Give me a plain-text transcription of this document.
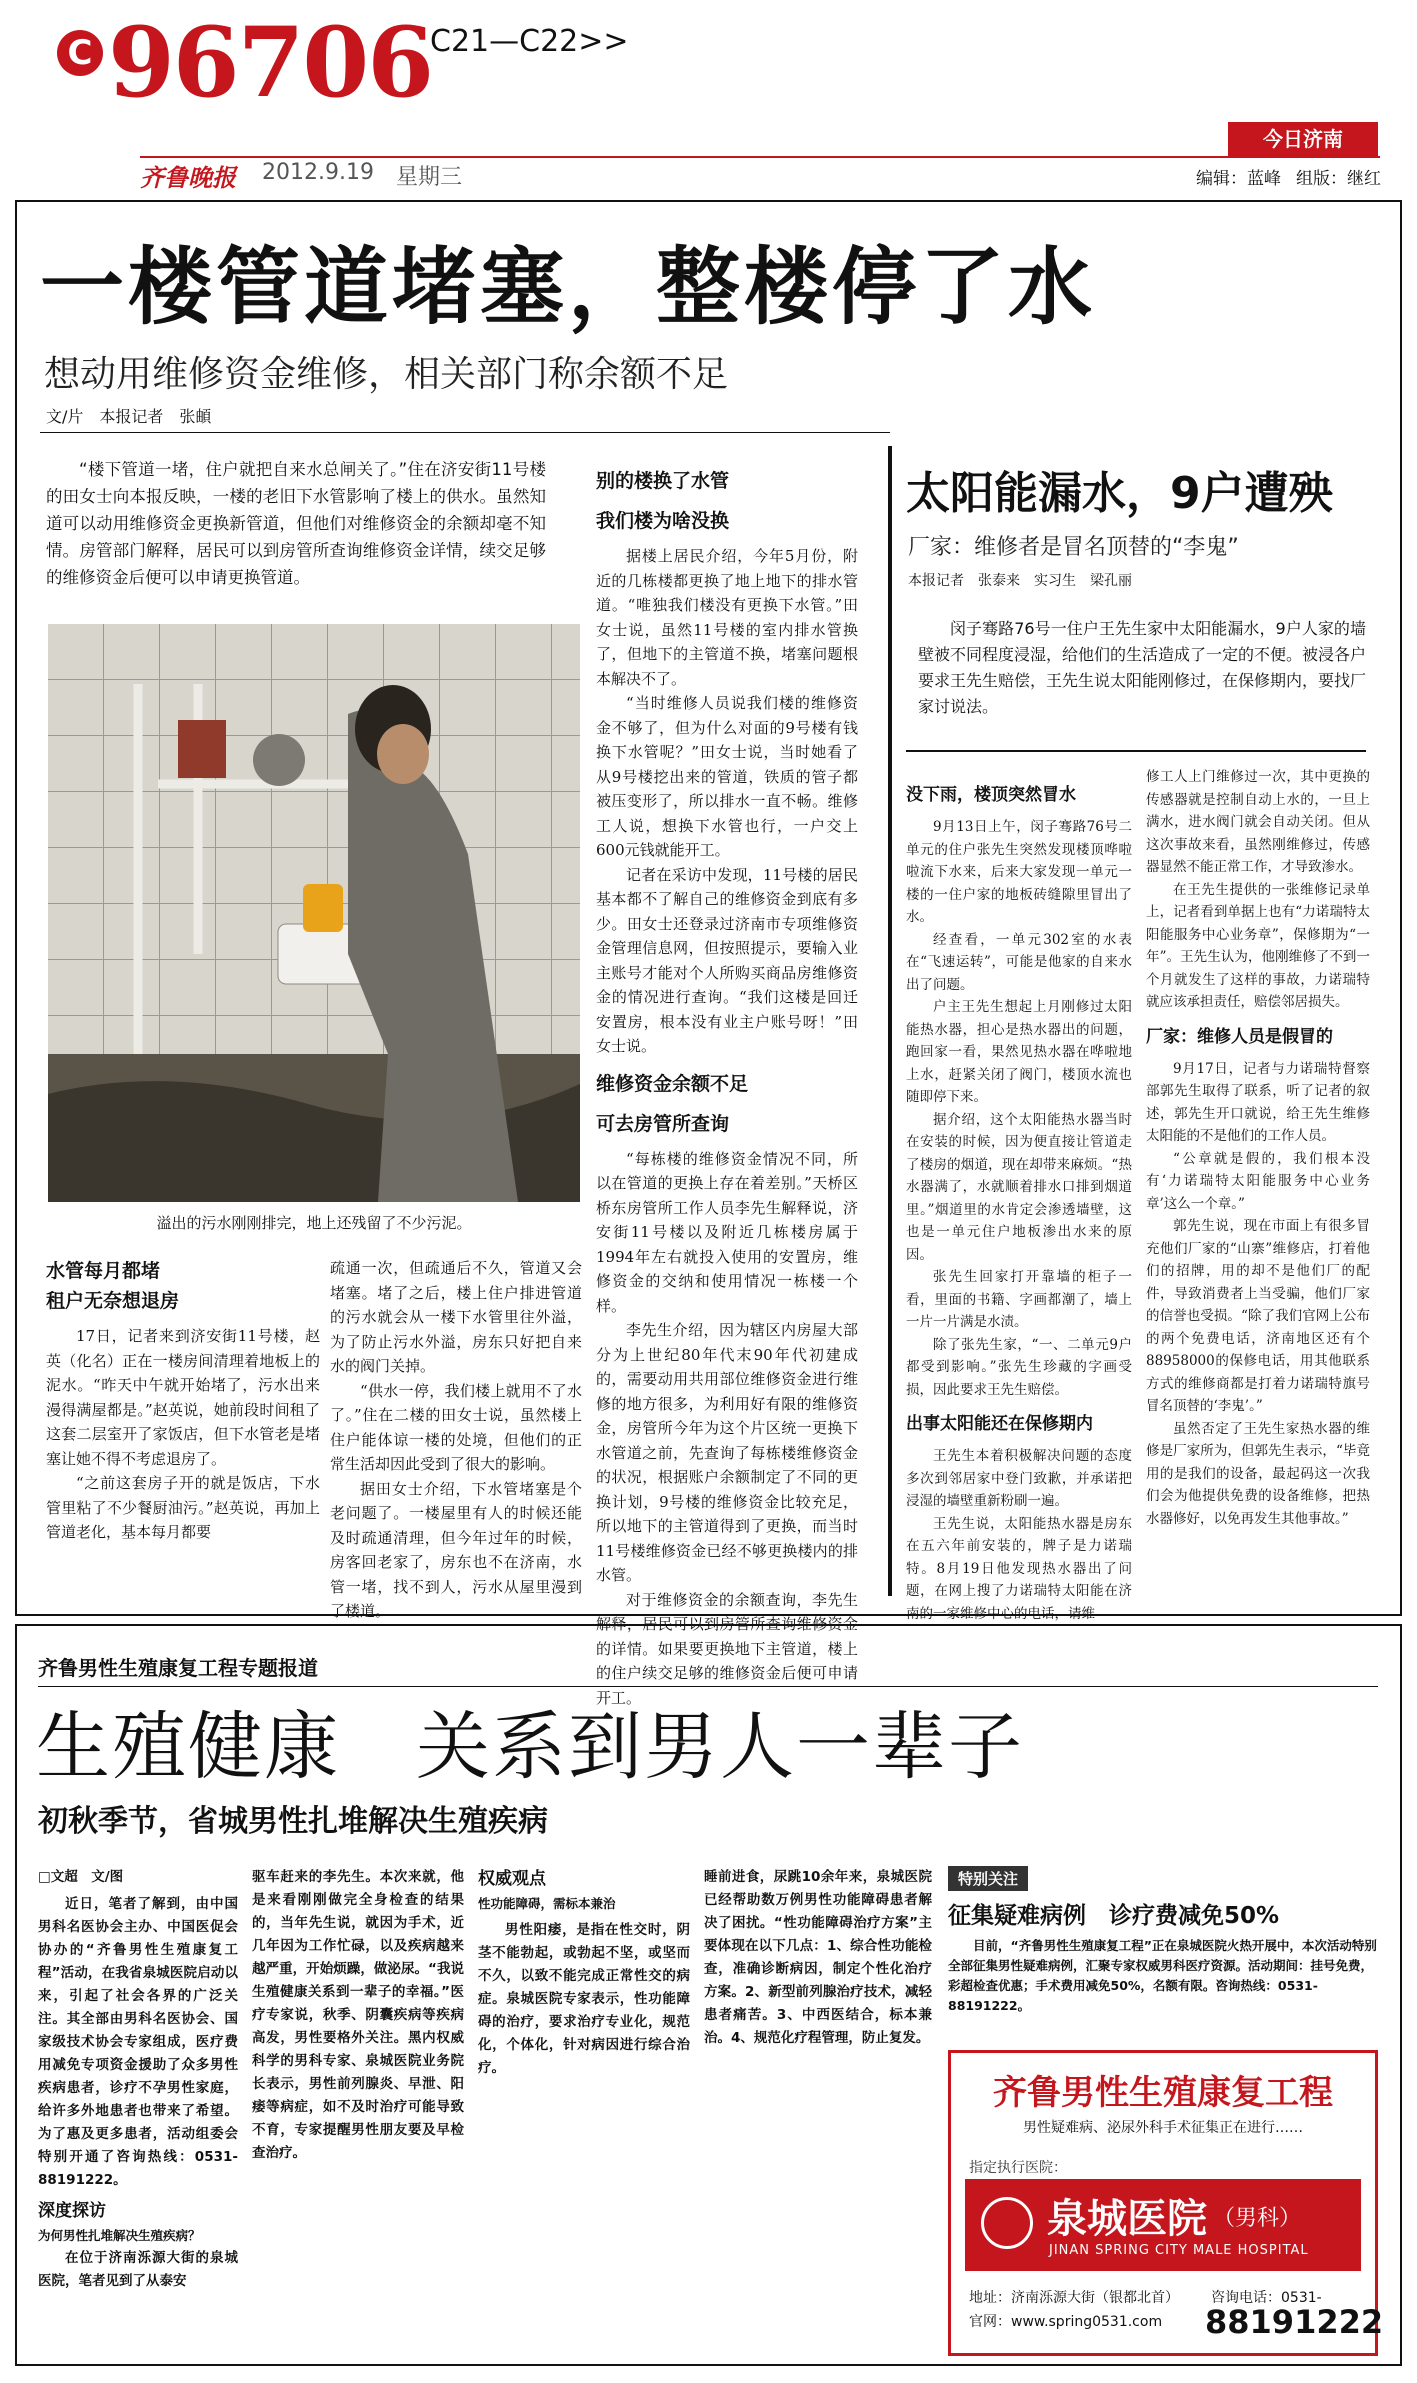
C 96706
C21—C22>>
齐鲁晚报 2012.9.19 星期三
今日济南
编辑：蓝峰 组版：继红
一楼管道堵塞，整楼停了水
想动用维修资金维修，相关部门称余额不足
文/片　本报记者　张頔

“楼下管道一堵，住户就把自来水总闸关了。”住在济安街11号楼的田女士向本报反映，一楼的老旧下水管影响了楼上的供水。虽然知道可以动用维修资金更换新管道，但他们对维修资金的余额却毫不知情。房管部门解释，居民可以到房管所查询维修资金详情，续交足够的维修资金后便可以申请更换管道。

溢出的污水刚刚排完，地上还残留了不少污泥。
水管每月都堵
租户无奈想退房

17日，记者来到济安街11号楼，赵英（化名）正在一楼房间清理着地板上的泥水。“昨天中午就开始堵了，污水出来漫得满屋都是。”赵英说，她前段时间租了这套二层室开了家饭店，但下水管老是堵塞让她不得不考虑退房了。

“之前这套房子开的就是饭店，下水管里粘了不少餐厨油污。”赵英说，再加上管道老化，基本每月都要

疏通一次，但疏通后不久，管道又会堵塞。堵了之后，楼上住户排进管道的污水就会从一楼下水管里往外溢，为了防止污水外溢，房东只好把自来水的阀门关掉。

“供水一停，我们楼上就用不了水了。”住在二楼的田女士说，虽然楼上住户能体谅一楼的处境，但他们的正常生活却因此受到了很大的影响。

据田女士介绍，下水管堵塞是个老问题了。一楼屋里有人的时候还能及时疏通清理，但今年过年的时候，房客回老家了，房东也不在济南，水管一堵，找不到人，污水从屋里漫到了楼道。

别的楼换了水管
我们楼为啥没换

据楼上居民介绍，今年5月份，附近的几栋楼都更换了地上地下的排水管道。“唯独我们楼没有更换下水管。”田女士说，虽然11号楼的室内排水管换了，但地下的主管道不换，堵塞问题根本解决不了。

“当时维修人员说我们楼的维修资金不够了，但为什么对面的9号楼有钱换下水管呢？”田女士说，当时她看了从9号楼挖出来的管道，铁质的管子都被压变形了，所以排水一直不畅。维修工人说，想换下水管也行，一户交上600元钱就能开工。

记者在采访中发现，11号楼的居民基本都不了解自己的维修资金到底有多少。田女士还登录过济南市专项维修资金管理信息网，但按照提示，要输入业主账号才能对个人所购买商品房维修资金的情况进行查询。“我们这楼是回迁安置房，根本没有业主户账号呀！”田女士说。

维修资金余额不足
可去房管所查询

“每栋楼的维修资金情况不同，所以在管道的更换上存在着差别。”天桥区桥东房管所工作人员李先生解释说，济安街11号楼以及附近几栋楼房属于1994年左右就投入使用的安置房，维修资金的交纳和使用情况一栋楼一个样。

李先生介绍，因为辖区内房屋大部分为上世纪80年代末90年代初建成的，需要动用共用部位维修资金进行维修的地方很多，为利用好有限的维修资金，房管所今年为这个片区统一更换下水管道之前，先查询了每栋楼维修资金的状况，根据账户余额制定了不同的更换计划，9号楼的维修资金比较充足，所以地下的主管道得到了更换，而当时11号楼维修资金已经不够更换楼内的排水管。

对于维修资金的余额查询，李先生解释，居民可以到房管所查询维修资金的详情。如果要更换地下主管道，楼上的住户续交足够的维修资金后便可申请开工。

太阳能漏水，9户遭殃
厂家：维修者是冒名顶替的“李鬼”
本报记者　张泰来　实习生　梁孔丽

闵子骞路76号一住户王先生家中太阳能漏水，9户人家的墙壁被不同程度浸湿，给他们的生活造成了一定的不便。被浸各户要求王先生赔偿，王先生说太阳能刚修过，在保修期内，要找厂家讨说法。

没下雨，楼顶突然冒水

9月13日上午，闵子骞路76号二单元的住户张先生突然发现楼顶哗啦啦流下水来，后来大家发现一单元一楼的一住户家的地板砖缝隙里冒出了水。

经查看，一单元302室的水表在“飞速运转”，可能是他家的自来水出了问题。

户主王先生想起上月刚修过太阳能热水器，担心是热水器出的问题，跑回家一看，果然见热水器在哗啦地上水，赶紧关闭了阀门，楼顶水流也随即停下来。

据介绍，这个太阳能热水器当时在安装的时候，因为便直接让管道走了楼房的烟道，现在却带来麻烦。“热水器满了，水就顺着排水口排到烟道里。”烟道里的水肯定会渗透墙壁，这也是一单元住户地板渗出水来的原因。

张先生回家打开靠墙的柜子一看，里面的书籍、字画都潮了，墙上一片一片满是水渍。

除了张先生家，“一、二单元9户都受到影响。”张先生珍藏的字画受损，因此要求王先生赔偿。

出事太阳能还在保修期内

王先生本着积极解决问题的态度多次到邻居家中登门致歉，并承诺把浸湿的墙壁重新粉刷一遍。

王先生说，太阳能热水器是房东在五六年前安装的，牌子是力诺瑞特。8月19日他发现热水器出了问题，在网上搜了力诺瑞特太阳能在济南的一家维修中心的电话，请维

修工人上门维修过一次，其中更换的传感器就是控制自动上水的，一旦上满水，进水阀门就会自动关闭。但从这次事故来看，虽然刚维修过，传感器显然不能正常工作，才导致渗水。

在王先生提供的一张维修记录单上，记者看到单据上也有“力诺瑞特太阳能服务中心业务章”，保修期为“一年”。王先生认为，他刚维修了不到一个月就发生了这样的事故，力诺瑞特就应该承担责任，赔偿邻居损失。

厂家：维修人员是假冒的

9月17日，记者与力诺瑞特督察部郭先生取得了联系，听了记者的叙述，郭先生开口就说，给王先生维修太阳能的不是他们的工作人员。

“公章就是假的，我们根本没有‘力诺瑞特太阳能服务中心业务章’这么一个章。”

郭先生说，现在市面上有很多冒充他们厂家的“山寨”维修店，打着他们的招牌，用的却不是他们厂的配件，导致消费者上当受骗，他们厂家的信誉也受损。“除了我们官网上公布的两个免费电话，济南地区还有个88958000的保修电话，用其他联系方式的维修商都是打着力诺瑞特旗号冒名顶替的‘李鬼’。”

虽然否定了王先生家热水器的维修是厂家所为，但郭先生表示，“毕竟用的是我们的设备，最起码这一次我们会为他提供免费的设备维修，把热水器修好，以免再发生其他事故。”

齐鲁男性生殖康复工程专题报道
生殖健康　关系到男人一辈子
初秋季节，省城男性扎堆解决生殖疾病
□文超　文/图

近日，笔者了解到，由中国男科名医协会主办、中国医促会协办的“齐鲁男性生殖康复工程”活动，在我省泉城医院启动以来，引起了社会各界的广泛关注。其全部由男科名医协会、国家级技术协会专家组成，医疗费用减免专项资金援助了众多男性疾病患者，诊疗不孕男性家庭，给许多外地患者也带来了希望。为了惠及更多患者，活动组委会特别开通了咨询热线：0531-88191222。

深度探访
为何男性扎堆解决生殖疾病？

在位于济南泺源大街的泉城医院，笔者见到了从泰安

驱车赶来的李先生。本次来就，他是来看刚刚做完全身检查的结果的，当年先生说，就因为手术，近几年因为工作忙碌，以及疾病越来越严重，开始烦躁，做泌尿。“我说生殖健康关系到一辈子的幸福。”医疗专家说，秋季、阴囊疾病等疾病高发，男性要格外关注。黑内权威科学的男科专家、泉城医院业务院长表示，男性前列腺炎、早泄、阳痿等病症，如不及时治疗可能导致不育，专家提醒男性朋友要及早检查治疗。

权威观点
性功能障碍，需标本兼治

男性阳痿，是指在性交时，阴茎不能勃起，或勃起不坚，或坚而不久，以致不能完成正常性交的病症。泉城医院专家表示，性功能障碍的治疗，要求治疗专业化，规范化，个体化，针对病因进行综合治疗。

睡前进食，尿跳10余年来，泉城医院已经帮助数万例男性功能障碍患者解决了困扰。“性功能障碍治疗方案”主要体现在以下几点：1、综合性功能检查，准确诊断病因，制定个性化治疗方案。2、新型前列腺治疗技术，减轻患者痛苦。3、中西医结合，标本兼治。4、规范化疗程管理，防止复发。

特别关注
征集疑难病例　诊疗费减免50%

目前，“齐鲁男性生殖康复工程”正在泉城医院火热开展中，本次活动特别全部征集男性疑难病例，汇聚专家权威男科医疗资源。活动期间：挂号免费，彩超检查优惠；手术费用减免50%，名额有限。咨询热线：0531-88191222。

齐鲁男性生殖康复工程
男性疑难病、泌尿外科手术征集正在进行……
指定执行医院：
泉城医院 （男科）
JINAN SPRING CITY MALE HOSPITAL
地址：济南泺源大街（银都北首）
官网：www.spring0531.com
咨询电话：0531-
88191222
